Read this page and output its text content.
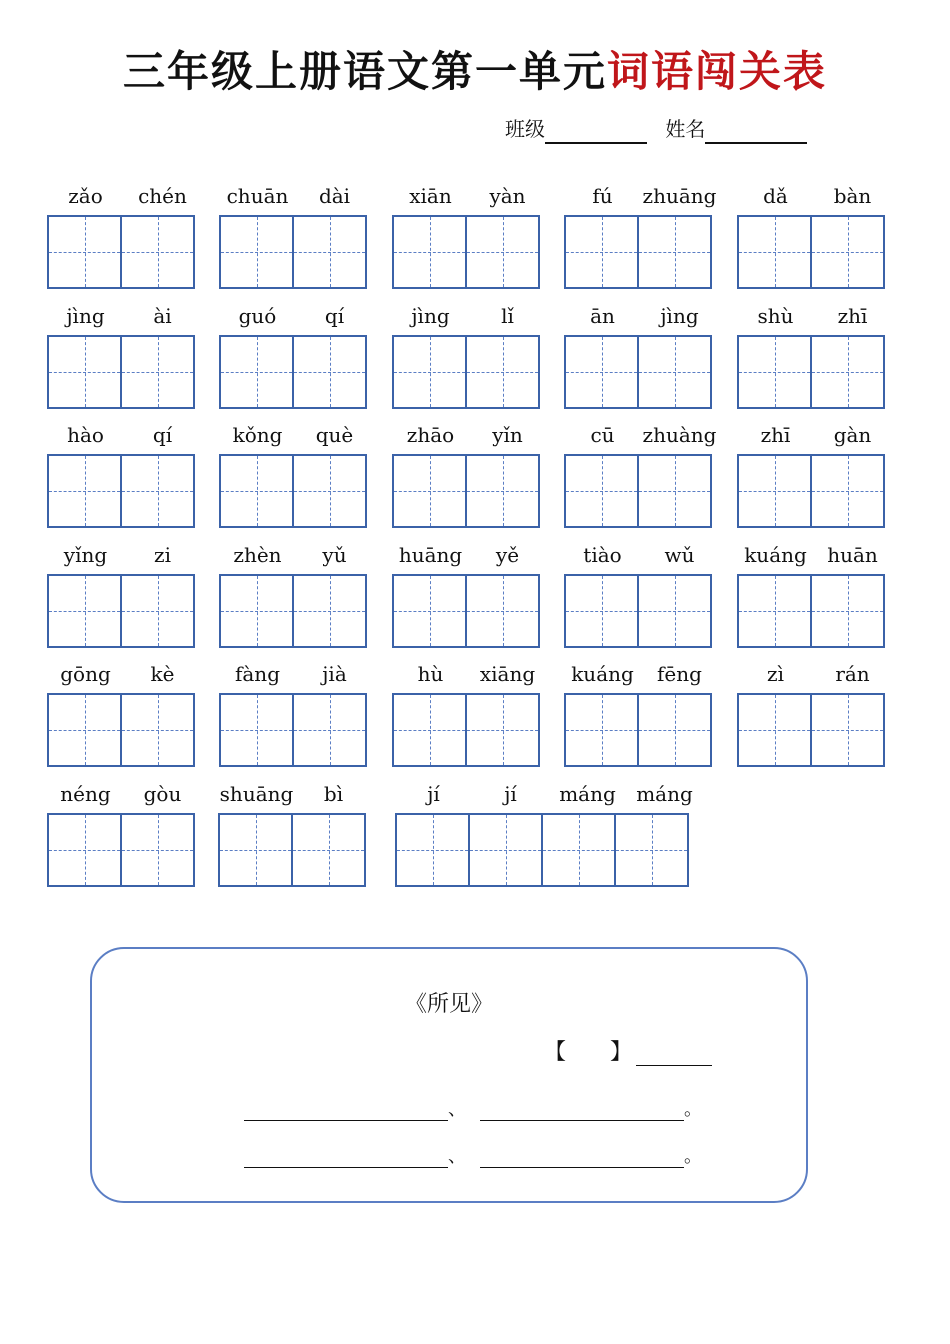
三年级上册语文第一单元词语闯关表
班级	姓名
zǎo	chén	chuān	dài	xiān	yàn	fú	zhuāng	dǎ	bàn
jìng	ài	guó	qí	jìng	lǐ	ān	jìng	shù	zhī
hào	qí	kǒng	què	zhāo	yǐn	cū	zhuàng	zhī	gàn
yǐng	zi	zhèn	yǔ	huāng	yě	tiào	wǔ	kuáng	huān
gōng	kè	fàng	jià	hù	xiāng	kuáng	fēng	zì	rán
néng	gòu	shuāng	bì	jí	jí	máng	máng
《所见》
【　　】
、	。
、	。
